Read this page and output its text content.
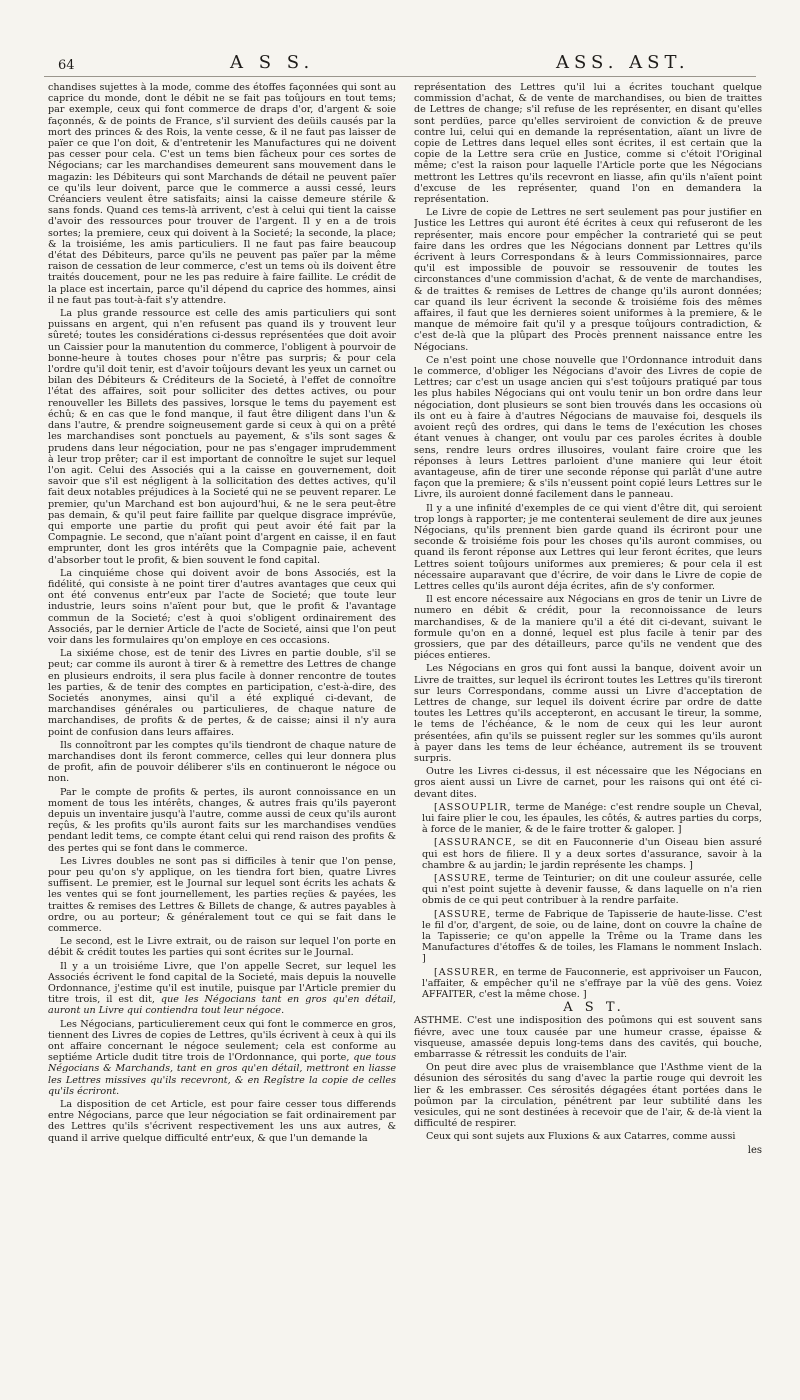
64	A S S.	ASS. AST.

chandises sujettes à la mode, comme des étoffes façonnées qui sont au caprice du monde, dont le débit ne se fait pas toûjours en tout tems; par exemple, ceux qui font commerce de draps d'or, d'argent & soie façonnés, & de points de France, s'il survient des deüils causés par la mort des princes & des Rois, la vente cesse, & il ne faut pas laisser de païer ce que l'on doit, & d'entretenir les Manufactures qui ne doivent pas cesser pour cela. C'est un tems bien fâcheux pour ces sortes de Négocians; car les marchandises demeurent sans mouvement dans le magazin: les Débiteurs qui sont Marchands de détail ne peuvent païer ce qu'ils leur doivent, parce que le commerce a aussi cessé, leurs Créanciers veulent être satisfaits; ainsi la caisse demeure stérile & sans fonds. Quand ces tems-là arrivent, c'est à celui qui tient la caisse d'avoir des ressources pour trouver de l'argent. Il y en a de trois sortes; la premiere, ceux qui doivent à la Societé; la seconde, la place; & la troisiéme, les amis particuliers. Il ne faut pas faire beaucoup d'état des Débiteurs, parce qu'ils ne peuvent pas païer par la même raison de cessation de leur commerce, c'est un tems où ils doivent être traités doucement, pour ne les pas reduire à faire faillite. Le crédit de la place est incertain, parce qu'il dépend du caprice des hommes, ainsi il ne faut pas tout-à-fait s'y attendre.

La plus grande ressource est celle des amis particuliers qui sont puissans en argent, qui n'en refusent pas quand ils y trouvent leur sûreté; toutes les considérations ci-dessus représentées que doit avoir un Caissier pour la manutention du commerce, l'obligent à pourvoir de bonne-heure à toutes choses pour n'être pas surpris; & pour cela l'ordre qu'il doit tenir, est d'avoir toûjours devant les yeux un carnet ou bilan des Débiteurs & Créditeurs de la Societé, à l'effet de connoître l'état des affaires, soit pour solliciter des dettes actives, ou pour renouveller les Billets des passives, lorsque le tems du payement est échû; & en cas que le fond manque, il faut être diligent dans l'un & dans l'autre, & prendre soigneusement garde si ceux à qui on a prêté les marchandises sont ponctuels au payement, & s'ils sont sages & prudens dans leur négociation, pour ne pas s'engager imprudemment à leur trop prêter; car il est important de connoître le sujet sur lequel l'on agit. Celui des Associés qui a la caisse en gouvernement, doit savoir que s'il est négligent à la sollicitation des dettes actives, qu'il fait deux notables préjudices à la Societé qui ne se peuvent reparer. Le premier, qu'un Marchand est bon aujourd'hui, & ne le sera peut-être pas demain, & qu'il peut faire faillite par quelque disgrace imprévüe, qui emporte une partie du profit qui peut avoir été fait par la Compagnie. Le second, que n'aïant point d'argent en caisse, il en faut emprunter, dont les gros intérêts que la Compagnie paie, achevent d'absorber tout le profit, & bien souvent le fond capital.

La cinquiéme chose qui doivent avoir de bons Associés, est la fidélité, qui consiste à ne point tirer d'autres avantages que ceux qui ont été convenus entr'eux par l'acte de Societé; que toute leur industrie, leurs soins n'aïent pour but, que le profit & l'avantage commun de la Societé; c'est à quoi s'obligent ordinairement des Associés, par le dernier Article de l'acte de Societé, ainsi que l'on peut voir dans les formulaires qu'on employe en ces occasions.

La sixiéme chose, est de tenir des Livres en partie double, s'il se peut; car comme ils auront à tirer & à remettre des Lettres de change en plusieurs endroits, il sera plus facile à donner rencontre de toutes les parties, & de tenir des comptes en participation, c'est-à-dire, des Societés anonymes, ainsi qu'il a été expliqué ci-devant, de marchandises générales ou particulieres, de chaque nature de marchandises, de profits & de pertes, & de caisse; ainsi il n'y aura point de confusion dans leurs affaires.

Ils connoîtront par les comptes qu'ils tiendront de chaque nature de marchandises dont ils feront commerce, celles qui leur donnera plus de profit, afin de pouvoir déliberer s'ils en continueront le négoce ou non.

Par le compte de profits & pertes, ils auront connoissance en un moment de tous les intérêts, changes, & autres frais qu'ils payeront depuis un inventaire jusqu'à l'autre, comme aussi de ceux qu'ils auront reçûs, & les profits qu'ils auront faits sur les marchandises vendües pendant ledit tems, ce compte étant celui qui rend raison des profits & des pertes qui se font dans le commerce.

Les Livres doubles ne sont pas si difficiles à tenir que l'on pense, pour peu qu'on s'y applique, on les tiendra fort bien, quatre Livres suffisent. Le premier, est le Journal sur lequel sont écrits les achats & les ventes qui se font journellement, les parties reçües & payées, les traittes & remises des Lettres & Billets de change, & autres payables à ordre, ou au porteur; & généralement tout ce qui se fait dans le commerce.

Le second, est le Livre extrait, ou de raison sur lequel l'on porte en débit & crédit toutes les parties qui sont écrites sur le Journal.

Il y a un troisiéme Livre, que l'on appelle Secret, sur lequel les Associés écrivent le fond capital de la Societé, mais depuis la nouvelle Ordonnance, j'estime qu'il est inutile, puisque par l'Article premier du titre trois, il est dit, que les Négocians tant en gros qu'en détail, auront un Livre qui contiendra tout leur négoce.

Les Négocians, particulierement ceux qui font le commerce en gros, tiennent des Livres de copies de Lettres, qu'ils écrivent à ceux à qui ils ont affaire concernant le négoce seulement; cela est conforme au septiéme Article dudit titre trois de l'Ordonnance, qui porte, que tous Négocians & Marchands, tant en gros qu'en détail, mettront en liasse les Lettres missives qu'ils recevront, & en Regîstre la copie de celles qu'ils écriront.

La disposition de cet Article, est pour faire cesser tous differends entre Négocians, parce que leur négociation se fait ordinairement par des Lettres qu'ils s'écrivent respectivement les uns aux autres, & quand il arrive quelque difficulté entr'eux, & que l'un demande la

représentation des Lettres qu'il lui a écrites touchant quelque commission d'achat, & de vente de marchandises, ou bien de traittes de Lettres de change; s'il refuse de les représenter, en disant qu'elles sont perdües, parce qu'elles serviroient de conviction & de preuve contre lui, celui qui en demande la représentation, aïant un livre de copie de Lettres dans lequel elles sont écrites, il est certain que la copie de la Lettre sera crüe en Justice, comme si c'étoit l'Original même; c'est la raison pour laquelle l'Article porte que les Négocians mettront les Lettres qu'ils recevront en liasse, afin qu'ils n'aïent point d'excuse de les représenter, quand l'on en demandera la représentation.

Le Livre de copie de Lettres ne sert seulement pas pour justifier en Justice les Lettres qui auront été écrites à ceux qui refuseront de les représenter, mais encore pour empêcher la contrarieté qui se peut faire dans les ordres que les Négocians donnent par Lettres qu'ils écrivent à leurs Correspondans & à leurs Commissionnaires, parce qu'il est impossible de pouvoir se ressouvenir de toutes les circonstances d'une commission d'achat, & de vente de marchandises, & de traittes & remises de Lettres de change qu'ils auront données; car quand ils leur écrivent la seconde & troisiéme fois des mêmes affaires, il faut que les dernieres soient uniformes à la premiere, & le manque de mémoire fait qu'il y a presque toûjours contradiction, & c'est de-là que la plûpart des Procès prennent naissance entre les Négocians.

Ce n'est point une chose nouvelle que l'Ordonnance introduit dans le commerce, d'obliger les Négocians d'avoir des Livres de copie de Lettres; car c'est un usage ancien qui s'est toûjours pratiqué par tous les plus habiles Négocians qui ont voulu tenir un bon ordre dans leur négociation, dont plusieurs se sont bien trouvés dans les occasions où ils ont eu à faire à d'autres Négocians de mauvaise foi, desquels ils avoient reçû des ordres, qui dans le tems de l'exécution les choses étant venues à changer, ont voulu par ces paroles écrites à double sens, rendre leurs ordres illusoires, voulant faire croire que les réponses à leurs Lettres parloient d'une maniere qui leur étoit avantageuse, afin de tirer une seconde réponse qui parlât d'une autre façon que la premiere; & s'ils n'eussent point copié leurs Lettres sur le Livre, ils auroient donné facilement dans le panneau.

Il y a une infinité d'exemples de ce qui vient d'être dit, qui seroient trop longs à rapporter; je me contenterai seulement de dire aux jeunes Négocians, qu'ils prennent bien garde quand ils écriront pour une seconde & troisiéme fois pour les choses qu'ils auront commises, ou quand ils feront réponse aux Lettres qui leur feront écrites, que leurs Lettres soient toûjours uniformes aux premieres; & pour cela il est nécessaire auparavant que d'écrire, de voir dans le Livre de copie de Lettres celles qu'ils auront déja écrites, afin de s'y conformer.

Il est encore nécessaire aux Négocians en gros de tenir un Livre de numero en débit & crédit, pour la reconnoissance de leurs marchandises, & de la maniere qu'il a été dit ci-devant, suivant le formule qu'on en a donné, lequel est plus facile à tenir par des grossiers, que par des détailleurs, parce qu'ils ne vendent que des piéces entieres.

Les Négocians en gros qui font aussi la banque, doivent avoir un Livre de traittes, sur lequel ils écriront toutes les Lettres qu'ils tireront sur leurs Correspondans, comme aussi un Livre d'acceptation de Lettres de change, sur lequel ils doivent écrire par ordre de datte toutes les Lettres qu'ils accepteront, en accusant le tireur, la somme, le tems de l'échéance, & le nom de ceux qui les leur auront présentées, afin qu'ils se puissent regler sur les sommes qu'ils auront à payer dans les tems de leur échéance, autrement ils se trouvent surpris.

Outre les Livres ci-dessus, il est nécessaire que les Négocians en gros aient aussi un Livre de carnet, pour les raisons qui ont été ci-devant dites.

[ASSOUPLIR, terme de Manége: c'est rendre souple un Cheval, lui faire plier le cou, les épaules, les côtés, & autres parties du corps, à force de le manier, & de le faire trotter & galoper. ]

[ASSURANCE, se dit en Fauconnerie d'un Oiseau bien assuré qui est hors de filiere. Il y a deux sortes d'assurance, savoir à la chambre & au jardin; le jardin représente les champs. ]

[ASSURE, terme de Teinturier; on dit une couleur assurée, celle qui n'est point sujette à devenir fausse, & dans laquelle on n'a rien obmis de ce qui peut contribuer à la rendre parfaite.

[ASSURE, terme de Fabrique de Tapisserie de haute-lisse. C'est le fil d'or, d'argent, de soie, ou de laine, dont on couvre la chaîne de la Tapisserie; ce qu'on appelle la Trême ou la Trame dans les Manufactures d'étoffes & de toiles, les Flamans le nomment Inslach. ]

[ASSURER, en terme de Fauconnerie, est apprivoiser un Faucon, l'affaiter, & empêcher qu'il ne s'effraye par la vûë des gens. Voiez AFFAITER, c'est la même chose. ]

A S T.

ASTHME. C'est une indisposition des poûmons qui est souvent sans fiévre, avec une toux causée par une humeur crasse, épaisse & visqueuse, amassée depuis long-tems dans des cavités, qui bouche, embarrasse & rétressit les conduits de l'air.

On peut dire avec plus de vraisemblance que l'Asthme vient de la désunion des sérosités du sang d'avec la partie rouge qui devroit les lier & les embrasser. Ces sérosités dégagées étant portées dans le poûmon par la circulation, pénétrent par leur subtilité dans les vesicules, qui ne sont destinées à recevoir que de l'air, & de-là vient la difficulté de respirer.

Ceux qui sont sujets aux Fluxions & aux Catarres, comme aussi

les
